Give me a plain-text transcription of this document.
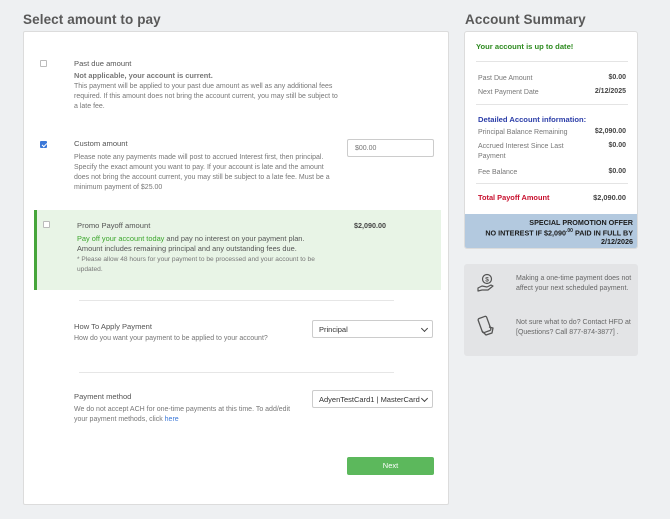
Select amount to pay
Past due amount
Not applicable, your account is current.
This payment will be applied to your past due amount as well as any additional fees required. If this amount does not bring the account current, you may still be subject to a late fee.
Custom amount
Please note any payments made will post to accrued Interest first, then principal. Specify the exact amount you want to pay. If your account is late and the amount does not bring the account current, you may still be subject to a late fee. Must be a minimum payment of $25.00
$00.00
Promo Payoff amount	$2,090.00
Pay off your account today and pay no interest on your payment plan.
Amount includes remaining principal and any outstanding fees due.
* Please allow 48 hours for your payment to be processed and your account to be updated.
How To Apply Payment
How do you want your payment to be applied to your account?
Principal
Payment method
We do not accept ACH for one-time payments at this time. To add/edit your payment methods, click here
AdyenTestCard1 | MasterCard
Next
Account Summary
Your account is up to date!
Past Due Amount	$0.00
Next Payment Date	2/12/2025
Detailed Account information:
Principal Balance Remaining	$2,090.00
Accrued Interest Since Last Payment
$0.00
Fee Balance	$0.00
Total Payoff Amount	$2,090.00
SPECIAL PROMOTION OFFER
NO INTEREST IF $\$2,090^{.00}$ PAID IN FULL BY
2/12/2026
$	Making a one-time payment does not affect your next scheduled payment.
Not sure what to do? Contact HFD at [Questions? Call 877-874-3877] .
